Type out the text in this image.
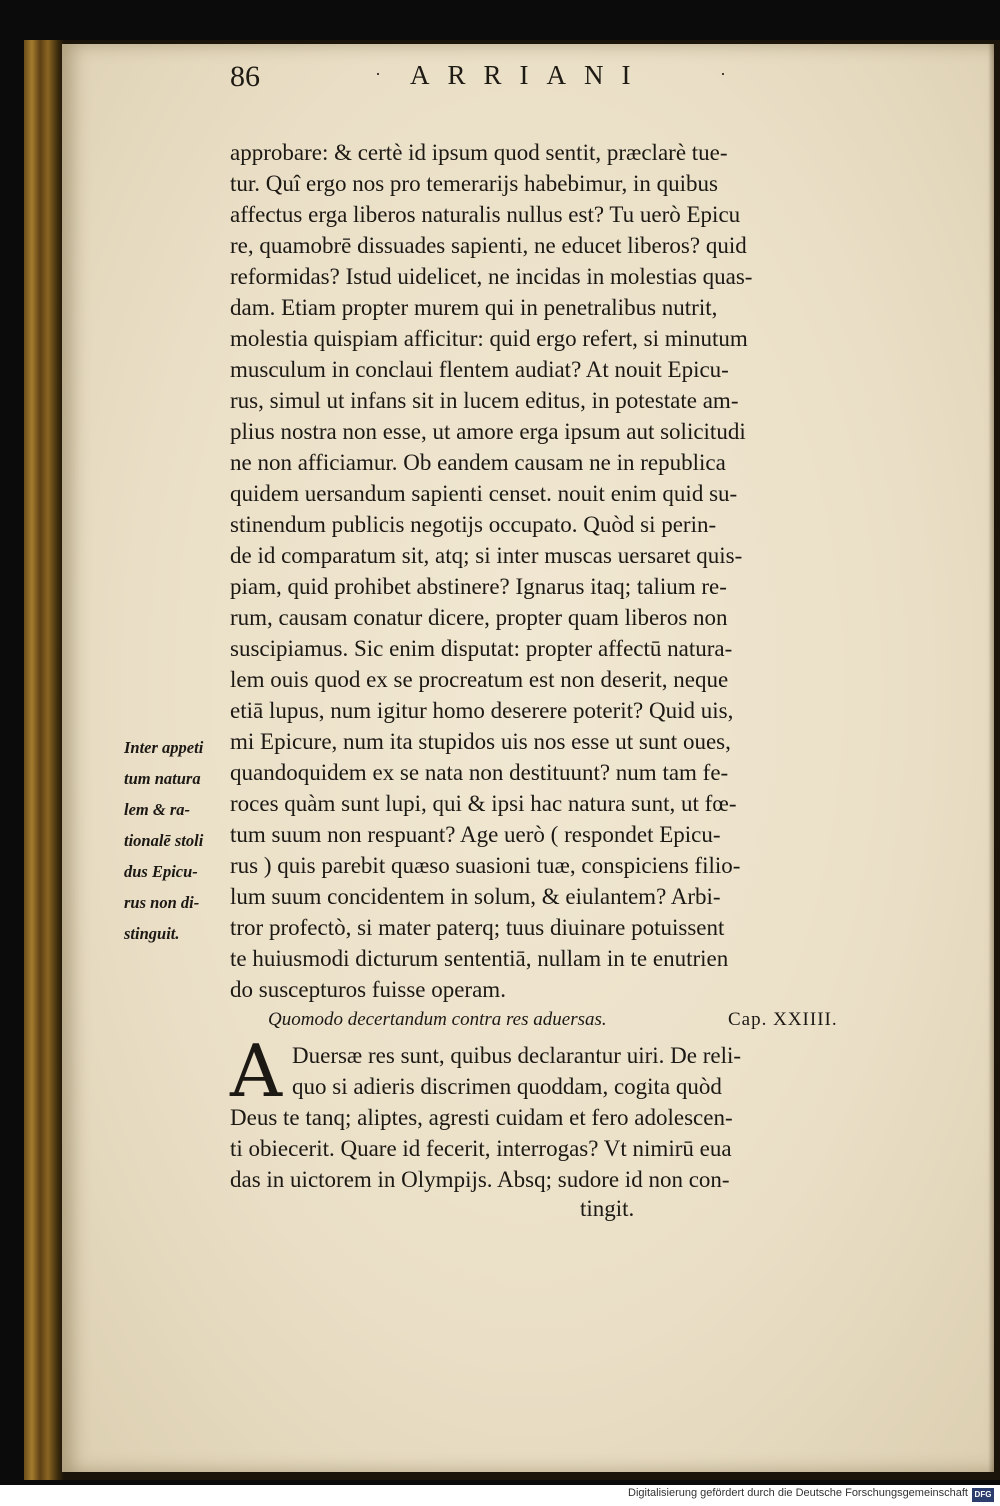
86	· ARRIANI	·
approbare: & certè id ipsum quod sentit, præclarè tue-
tur. Quî ergo nos pro temerarijs habebimur, in quibus
affectus erga liberos naturalis nullus est? Tu uerò Epicu
re, quamobrē dissuades sapienti, ne educet liberos? quid
reformidas? Istud uidelicet, ne incidas in molestias quas-
dam. Etiam propter murem qui in penetralibus nutrit,
molestia quispiam afficitur: quid ergo refert, si minutum
musculum in conclaui flentem audiat? At nouit Epicu-
rus, simul ut infans sit in lucem editus, in potestate am-
plius nostra non esse, ut amore erga ipsum aut solicitudi
ne non afficiamur. Ob eandem causam ne in republica
quidem uersandum sapienti censet. nouit enim quid su-
stinendum publicis negotijs occupato. Quòd si perin-
de id comparatum sit, atq; si inter muscas uersaret quis-
piam, quid prohibet abstinere? Ignarus itaq; talium re-
rum, causam conatur dicere, propter quam liberos non
suscipiamus. Sic enim disputat: propter affectū natura-
lem ouis quod ex se procreatum est non deserit, neque
etiā lupus, num igitur homo deserere poterit? Quid uis,
mi Epicure, num ita stupidos uis nos esse ut sunt oues,
quandoquidem ex se nata non destituunt? num tam fe-
roces quàm sunt lupi, qui & ipsi hac natura sunt, ut fœ-
tum suum non respuant? Age uerò ( respondet Epicu-
rus ) quis parebit quæso suasioni tuæ, conspiciens filio-
lum suum concidentem in solum, & eiulantem? Arbi-
tror profectò, si mater paterq; tuus diuinare potuissent
te huiusmodi dicturum sententiā, nullam in te enutrien
do suscepturos fuisse operam.
Inter appeti
tum natura
lem & ra-
tionalē stoli
dus Epicu-
rus non di-
stinguit.
Quomodo decertandum contra res aduersas.	Cap. XXIIII.
A Duersæ res sunt, quibus declarantur uiri. De reli-
quo si adieris discrimen quoddam, cogita quòd
Deus te tanq; aliptes, agresti cuidam et fero adolescen-
ti obiecerit. Quare id fecerit, interrogas? Vt nimirū eua
das in uictorem in Olympijs. Absq; sudore id non con-
tingit.
Digitalisierung gefördert durch die Deutsche Forschungsgemeinschaft DFG
